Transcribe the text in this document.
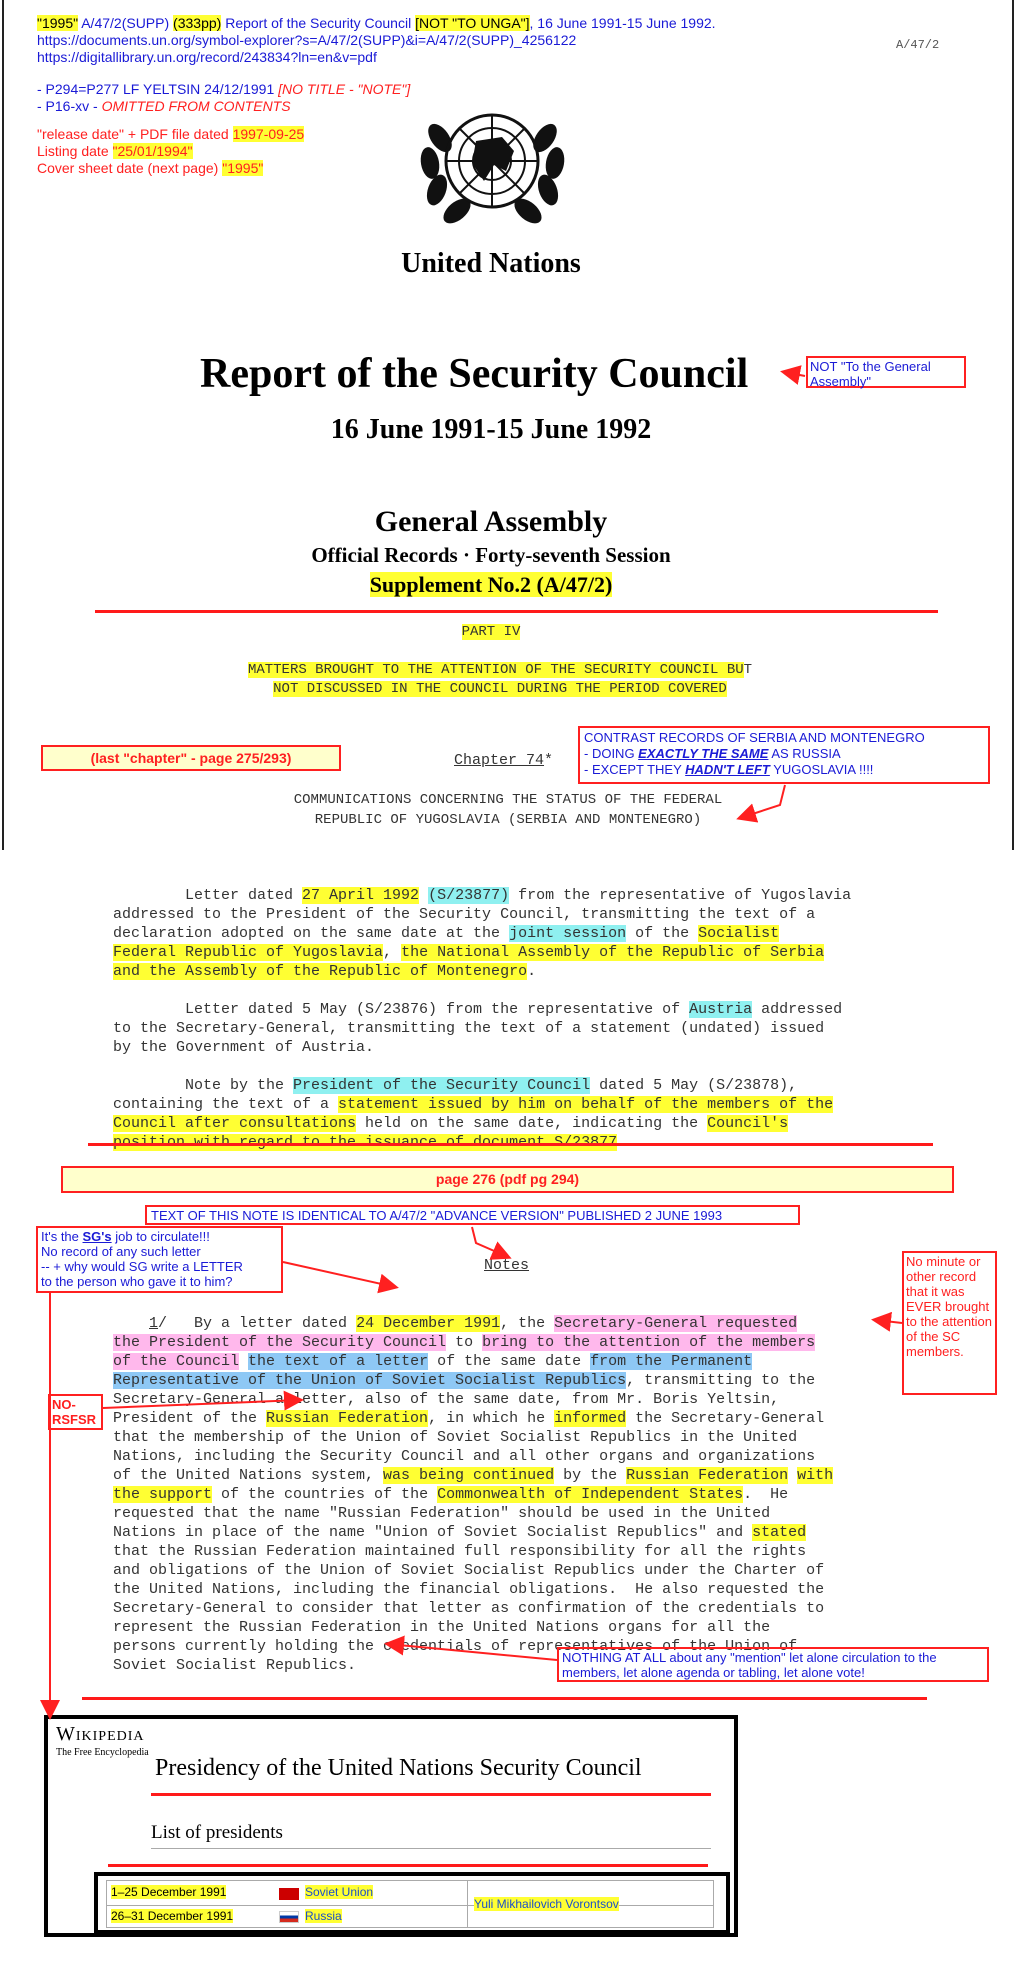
"1995" A/47/2(SUPP) (333pp) Report of the Security Council [NOT "TO UNGA"], 16 June 1991-15 June 1992.
https://documents.un.org/symbol-explorer?s=A/47/2(SUPP)&i=A/47/2(SUPP)_4256122
https://digitallibrary.un.org/record/243834?ln=en&v=pdf
- P294=P277 LF YELTSIN 24/12/1991 [NO TITLE - "NOTE"]
- P16-xv - OMITTED FROM CONTENTS
"release date" + PDF file dated 1997-09-25
Listing date "25/01/1994"
Cover sheet date (next page) "1995"
A/47/2
United Nations
Report of the Security Council	NOT "To the General Assembly"
16 June 1991-15 June 1992
General Assembly
Official Records · Forty-seventh Session
Supplement No.2 (A/47/2)
PART IV
MATTERS BROUGHT TO THE ATTENTION OF THE SECURITY COUNCIL BUT
NOT DISCUSSED IN THE COUNCIL DURING THE PERIOD COVERED
(last "chapter" - page 275/293)	Chapter 74*
CONTRAST RECORDS OF SERBIA AND MONTENEGRO
- DOING EXACTLY THE SAME AS RUSSIA
- EXCEPT THEY HADN'T LEFT YUGOSLAVIA !!!!
COMMUNICATIONS CONCERNING THE STATUS OF THE FEDERAL
REPUBLIC OF YUGOSLAVIA (SERBIA AND MONTENEGRO)

Letter dated 27 April 1992 (S/23877) from the representative of Yugoslavia
addressed to the President of the Security Council, transmitting the text of a
declaration adopted on the same date at the joint session of the Socialist
Federal Republic of Yugoslavia, the National Assembly of the Republic of Serbia
and the Assembly of the Republic of Montenegro.

Letter dated 5 May (S/23876) from the representative of Austria addressed
to the Secretary-General, transmitting the text of a statement (undated) issued
by the Government of Austria.

Note by the President of the Security Council dated 5 May (S/23878),
containing the text of a statement issued by him on behalf of the members of the
Council after consultations held on the same date, indicating the Council's

page 276 (pdf pg 294)
TEXT OF THIS NOTE IS IDENTICAL TO A/47/2 "ADVANCE VERSION" PUBLISHED 2 JUNE 1993
It's the SG's job to circulate!!!
No record of any such letter
-- + why would SG write a LETTER
to the person who gave it to him?
Notes	No minute or other record that it was EVER brought to the attention of the SC members.
NO-RSFSR

1/   By a letter dated 24 December 1991, the Secretary-General requested
the President of the Security Council to bring to the attention of the members
of the Council the text of a letter of the same date from the Permanent
Representative of the Union of Soviet Socialist Republics, transmitting to the
Secretary-General a letter, also of the same date, from Mr. Boris Yeltsin,
President of the Russian Federation, in which he informed the Secretary-General
that the membership of the Union of Soviet Socialist Republics in the United
Nations, including the Security Council and all other organs and organizations
of the United Nations system, was being continued by the Russian Federation with
the support of the countries of the Commonwealth of Independent States.  He
requested that the name "Russian Federation" should be used in the United
Nations in place of the name "Union of Soviet Socialist Republics" and stated
that the Russian Federation maintained full responsibility for all the rights
and obligations of the Union of Soviet Socialist Republics under the Charter of
the United Nations, including the financial obligations.  He also requested the
Secretary-General to consider that letter as confirmation of the credentials to
represent the Russian Federation in the United Nations organs for all the
persons currently holding the credentials of representatives of the Union of
Soviet Socialist Republics.	NOTHING AT ALL about any "mention" let alone circulation to the members, let alone agenda or tabling, let alone vote!
Wikipedia
The Free Encyclopedia
Presidency of the United Nations Security Council
List of presidents
1–25 December 1991	Soviet Union
26–31 December 1991	Russia
Yuli Mikhailovich Vorontsov
